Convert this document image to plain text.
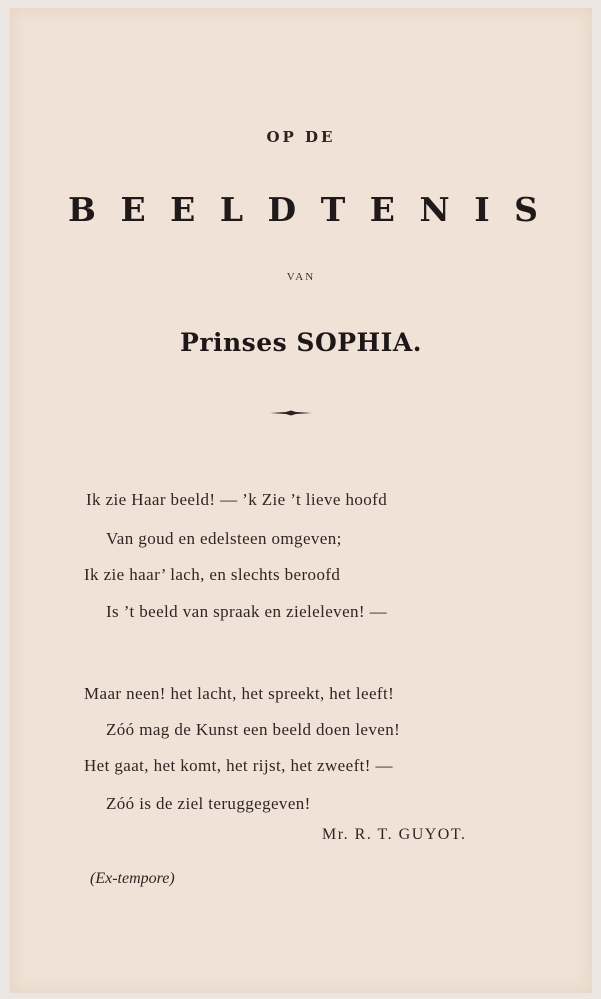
OP DE

B E E L D T E N I S

VAN

Prinses SOPHIA.

Ik zie Haar beeld! — ’k Zie ’t lieve hoofd

Van goud en edelsteen omgeven;

Ik zie haar’ lach, en slechts beroofd

Is ’t beeld van spraak en zieleleven! —

Maar neen! het lacht, het spreekt, het leeft!

Zóó mag de Kunst een beeld doen leven!

Het gaat, het komt, het rijst, het zweeft! —

Zóó is de ziel teruggegeven!

Mr. R. T. GUYOT.

(Ex-tempore)
